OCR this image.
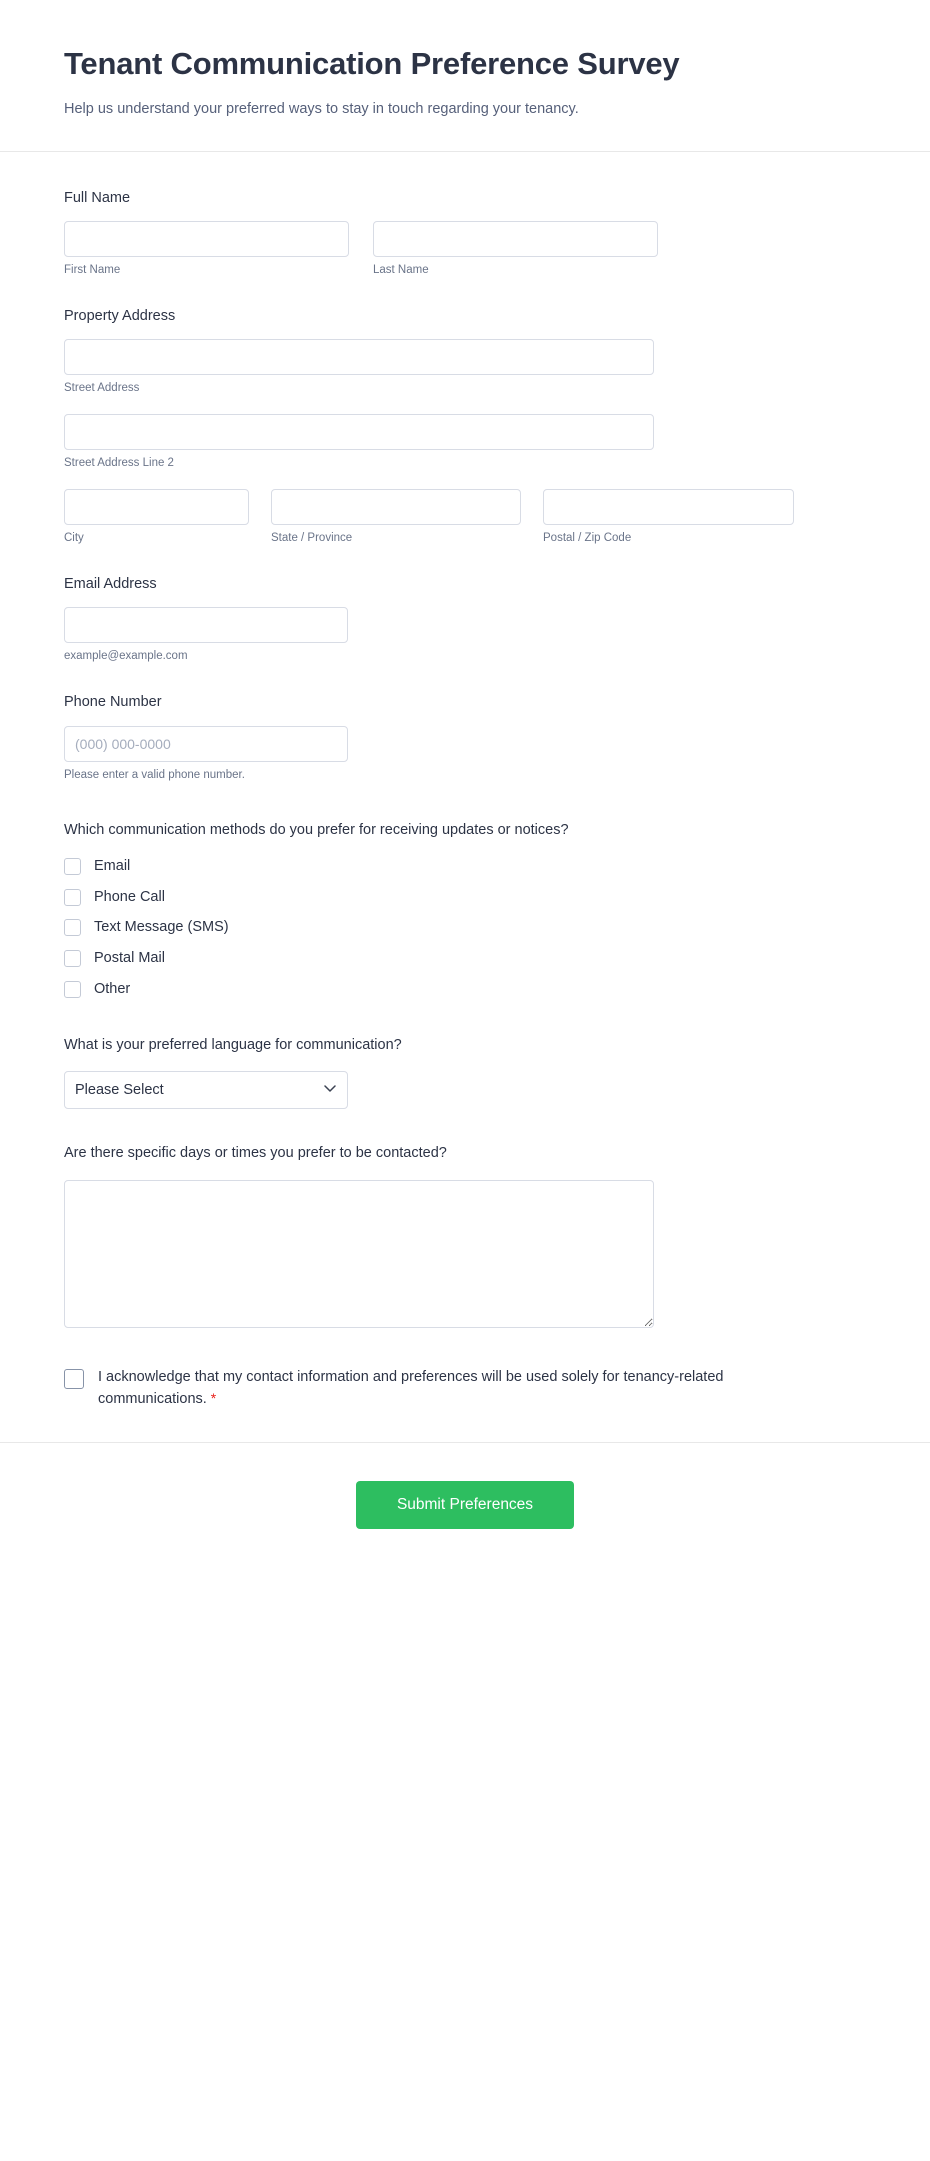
Tenant Communication Preference Survey

Help us understand your preferred ways to stay in touch regarding your tenancy.

Full Name
First Name	Last Name
Property Address
Street Address
Street Address Line 2
City	State / Province	Postal / Zip Code
Email Address
example@example.com
Phone Number
(000) 000-0000
Please enter a valid phone number.
Which communication methods do you prefer for receiving updates or notices?
Email
Phone Call
Text Message (SMS)
Postal Mail
Other
What is your preferred language for communication?
Please Select
Are there specific days or times you prefer to be contacted?
I acknowledge that my contact information and preferences will be used solely for tenancy-related communications. *
Submit Preferences
